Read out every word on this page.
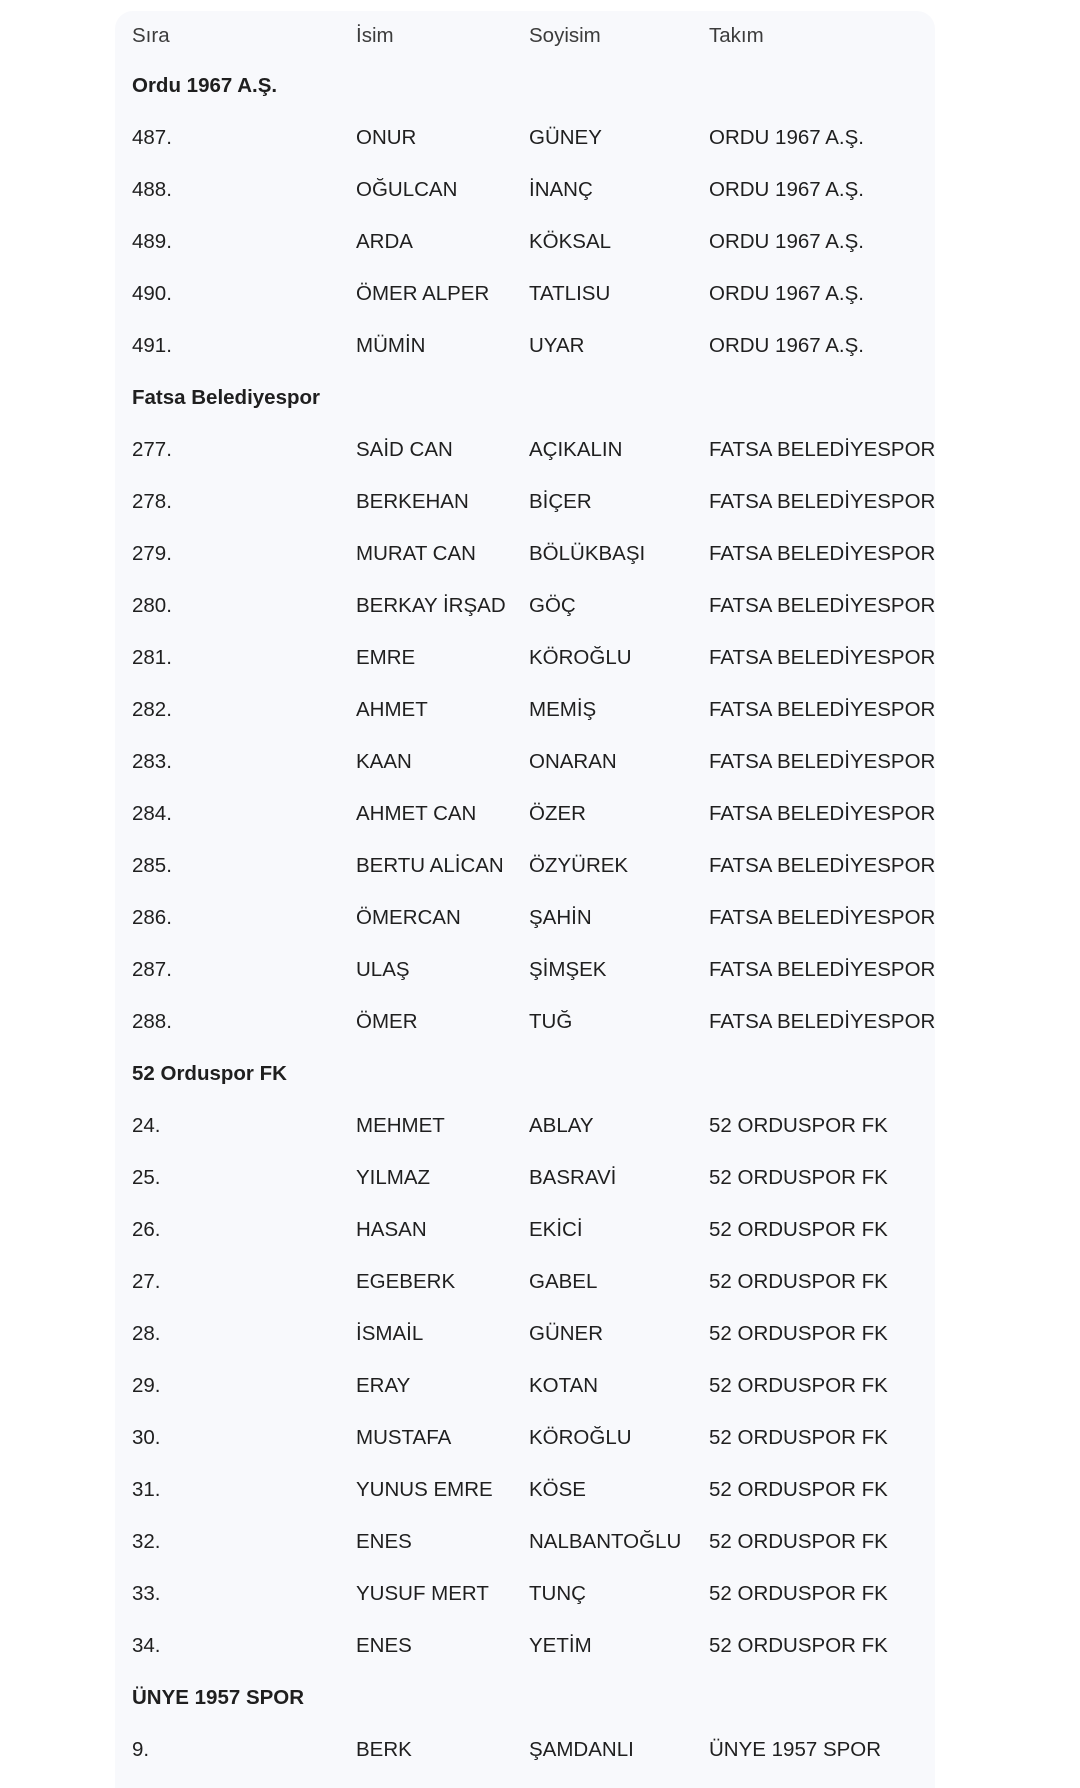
Sıra	İsim	Soyisim	Takım
Ordu 1967 A.Ş.			
487.	ONUR	GÜNEY	ORDU 1967 A.Ş.
488.	OĞULCAN	İNANÇ	ORDU 1967 A.Ş.
489.	ARDA	KÖKSAL	ORDU 1967 A.Ş.
490.	ÖMER ALPER	TATLISU	ORDU 1967 A.Ş.
491.	MÜMİN	UYAR	ORDU 1967 A.Ş.
Fatsa Belediyespor			
277.	SAİD CAN	AÇIKALIN	FATSA BELEDİYESPOR
278.	BERKEHAN	BİÇER	FATSA BELEDİYESPOR
279.	MURAT CAN	BÖLÜKBAŞI	FATSA BELEDİYESPOR
280.	BERKAY İRŞAD	GÖÇ	FATSA BELEDİYESPOR
281.	EMRE	KÖROĞLU	FATSA BELEDİYESPOR
282.	AHMET	MEMİŞ	FATSA BELEDİYESPOR
283.	KAAN	ONARAN	FATSA BELEDİYESPOR
284.	AHMET CAN	ÖZER	FATSA BELEDİYESPOR
285.	BERTU ALİCAN	ÖZYÜREK	FATSA BELEDİYESPOR
286.	ÖMERCAN	ŞAHİN	FATSA BELEDİYESPOR
287.	ULAŞ	ŞİMŞEK	FATSA BELEDİYESPOR
288.	ÖMER	TUĞ	FATSA BELEDİYESPOR
52 Orduspor FK			
24.	MEHMET	ABLAY	52 ORDUSPOR FK
25.	YILMAZ	BASRAVİ	52 ORDUSPOR FK
26.	HASAN	EKİCİ	52 ORDUSPOR FK
27.	EGEBERK	GABEL	52 ORDUSPOR FK
28.	İSMAİL	GÜNER	52 ORDUSPOR FK
29.	ERAY	KOTAN	52 ORDUSPOR FK
30.	MUSTAFA	KÖROĞLU	52 ORDUSPOR FK
31.	YUNUS EMRE	KÖSE	52 ORDUSPOR FK
32.	ENES	NALBANTOĞLU	52 ORDUSPOR FK
33.	YUSUF MERT	TUNÇ	52 ORDUSPOR FK
34.	ENES	YETİM	52 ORDUSPOR FK
ÜNYE 1957 SPOR			
9.	BERK	ŞAMDANLI	ÜNYE 1957 SPOR
